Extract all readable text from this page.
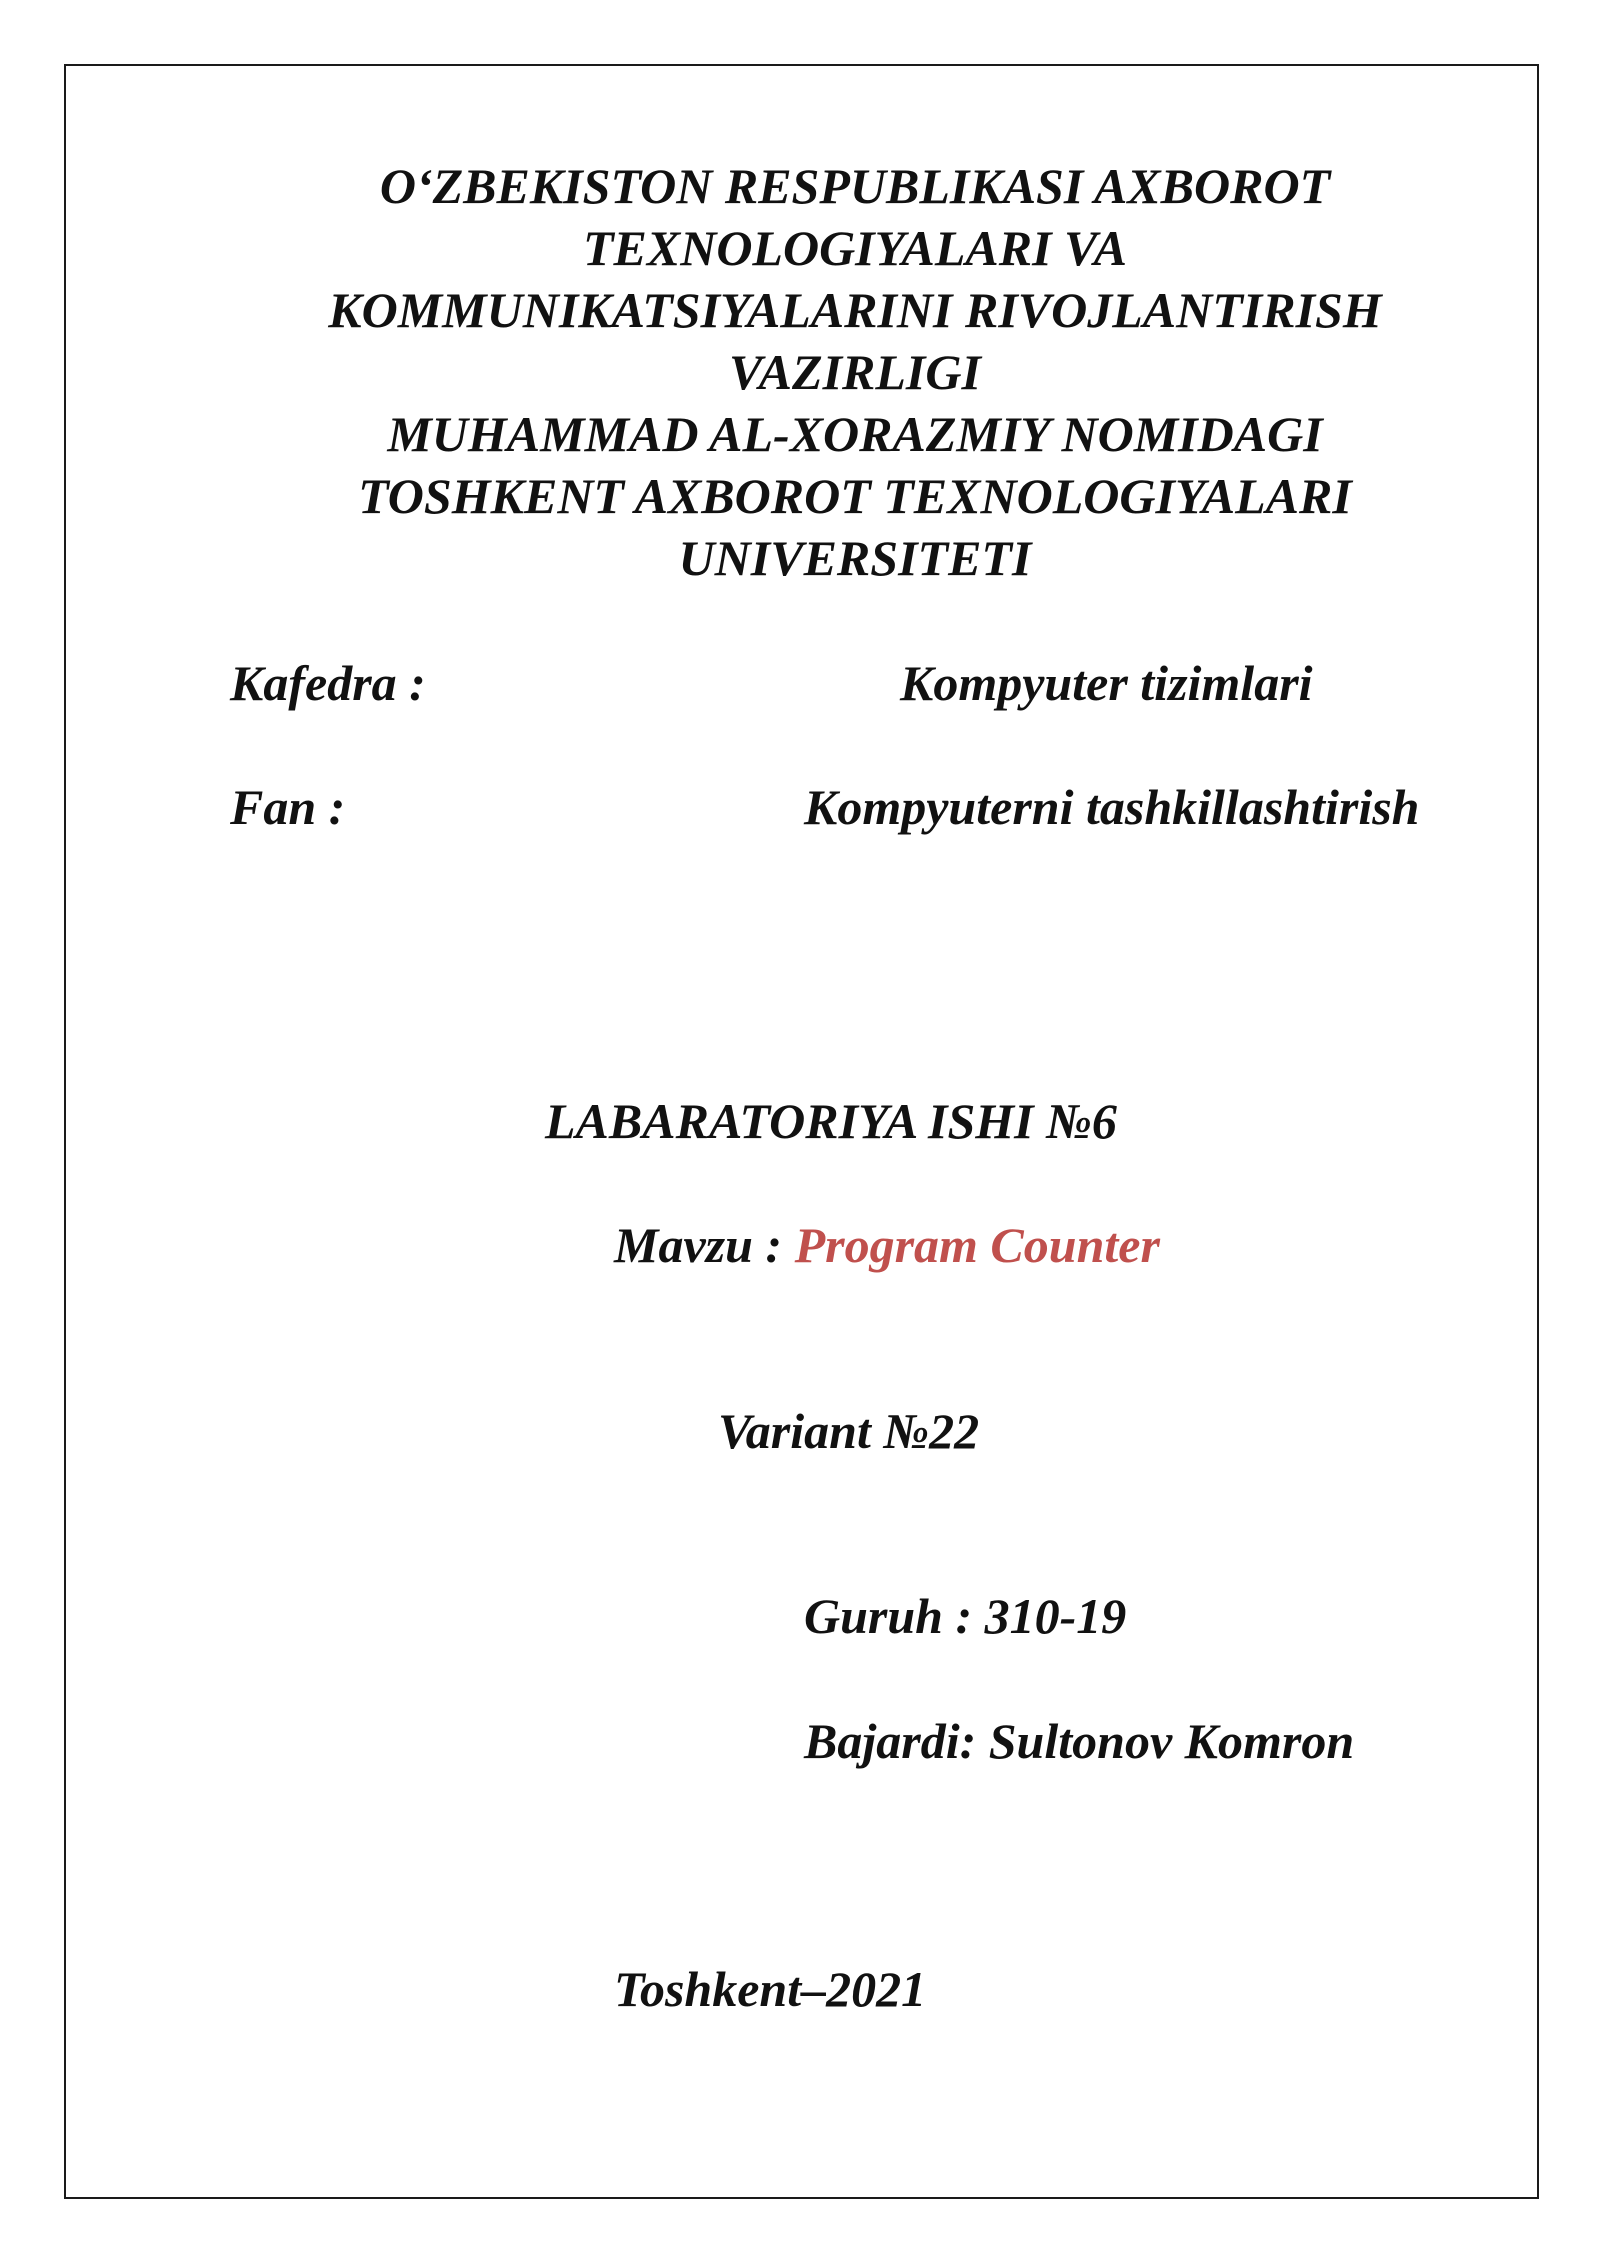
O‘ZBEKISTON RESPUBLIKASI AXBOROT
TEXNOLOGIYALARI VA
KOMMUNIKATSIYALARINI RIVOJLANTIRISH
VAZIRLIGI
MUHAMMAD AL-XORAZMIY NOMIDAGI
TOSHKENT AXBOROT TEXNOLOGIYALARI
UNIVERSITETI
Kafedra :	Kompyuter tizimlari
Fan :	Kompyuterni tashkillashtirish
LABARATORIYA ISHI №6
Mavzu : Program Counter
Variant №22
Guruh : 310-19
Bajardi: Sultonov Komron
Toshkent–2021
